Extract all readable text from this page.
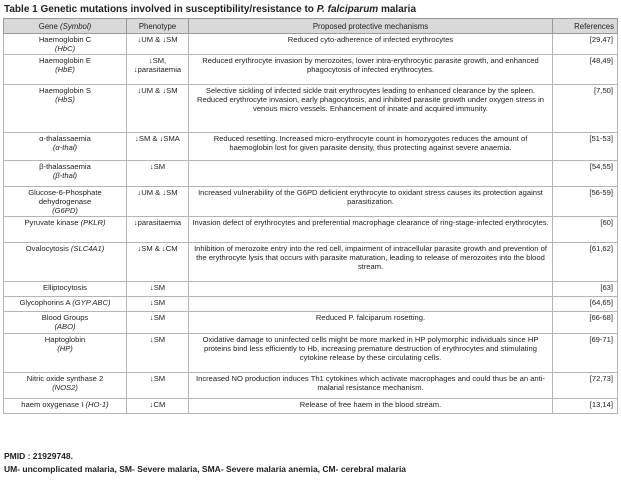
Table 1 Genetic mutations involved in susceptibility/resistance to P. falciparum malaria
Gene (Symbol)	Phenotype	Proposed protective mechanisms	References

Haemoglobin C
(HbC)	↓UM & ↓SM	Reduced cyto-adherence of infected erythrocytes	[29,47]

Haemoglobin E
(HbE)	↓SM, ↓parasitaemia	Reduced erythrocyte invasion by merozoites, lower intra-erythrocytic parasite growth, and enhanced phagocytosis of infected erythrocytes.	[48,49]

Haemoglobin S
(HbS)	↓UM & ↓SM	Selective sickling of infected sickle trait erythrocytes leading to enhanced clearance by the spleen. Reduced erythrocyte invasion, early phagocytosis, and inhibited parasite growth under oxygen stress in venous micro vessels. Enhancement of innate and acquired immunity.	[7,50]

α-thalassaemia
(α-thal)	↓SM & ↓SMA	Reduced resetting. Increased micro-erythrocyte count in homozygotes reduces the amount of haemoglobin lost for given parasite density, thus protecting against severe anaemia.	[51-53]

β-thalassaemia
(β-thal)	↓SM		[54,55]

Glucose-6-Phosphate dehydrogenase
(G6PD)	↓UM & ↓SM	Increased vulnerability of the G6PD deficient erythrocyte to oxidant stress causes its protection against parasitization.	[56-59]
Pyruvate kinase (PKLR)	↓parasitaemia	Invasion defect of erythrocytes and preferential macrophage clearance of ring-stage-infected erythrocytes.	[60]
Ovalocytosis (SLC4A1)	↓SM & ↓CM	Inhibition of merozoite entry into the red cell, impairment of intracellular parasite growth and prevention of the erythrocyte lysis that occurs with parasite maturation, leading to release of merozoites into the blood stream.	[61,62]
Elliptocytosis	↓SM		[63]
Glycophorins A (GYP ABC)	↓SM		[64,65]

Blood Groups
(ABO)	↓SM	Reduced P. falciparum rosetting.	[66-68]

Haptoglobin
(HP)	↓SM	Oxidative damage to uninfected cells might be more marked in HP polymorphic individuals since HP proteins bind less efficiently to Hb, increasing premature destruction of erythrocytes and stimulating cytokine release by these circulating cells.	[69-71]

Nitric oxide synthase 2
(NOS2)	↓SM	Increased NO production induces Th1 cytokines which activate macrophages and could thus be an anti-malarial resistance mechanism.	[72,73]
haem oxygenase I (HO-1)	↓CM	Release of free haem in the blood stream.	[13,14]
PMID : 21929748.
UM- uncomplicated malaria, SM- Severe malaria, SMA- Severe malaria anemia, CM- cerebral malaria
